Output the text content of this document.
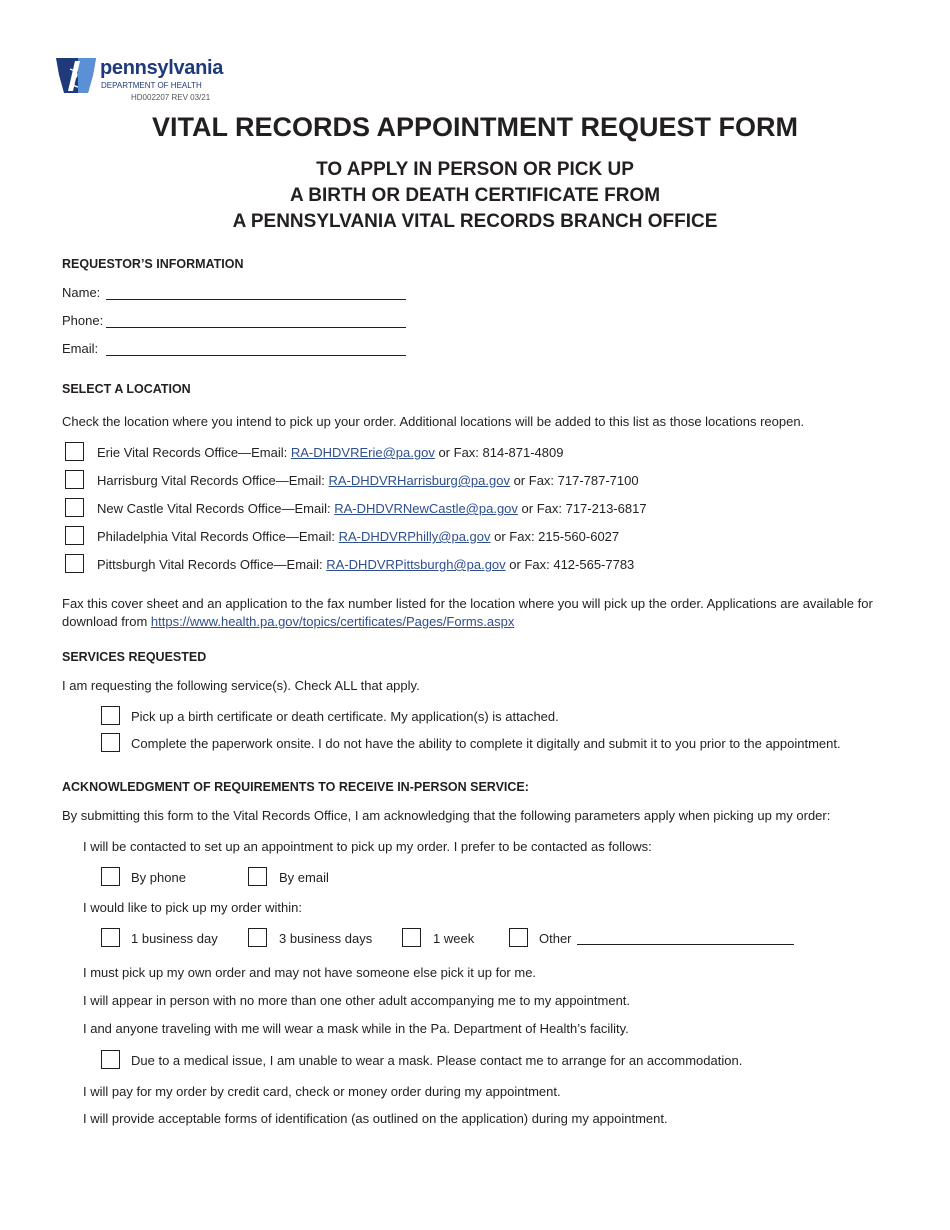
pennsylvania
DEPARTMENT OF HEALTH
HD002207 REV 03/21
VITAL RECORDS APPOINTMENT REQUEST FORM
TO APPLY IN PERSON OR PICK UP
A BIRTH OR DEATH CERTIFICATE FROM
A PENNSYLVANIA VITAL RECORDS BRANCH OFFICE
REQUESTOR’S INFORMATION
Name:
Phone:
Email:
SELECT A LOCATION
Check the location where you intend to pick up your order. Additional locations will be added to this list as those locations reopen.
Erie Vital Records Office—Email: RA-DHDVRErie@pa.gov or Fax: 814-871-4809
Harrisburg Vital Records Office—Email: RA-DHDVRHarrisburg@pa.gov or Fax: 717-787-7100
New Castle Vital Records Office—Email: RA-DHDVRNewCastle@pa.gov or Fax: 717-213-6817
Philadelphia Vital Records Office—Email: RA-DHDVRPhilly@pa.gov or Fax: 215-560-6027
Pittsburgh Vital Records Office—Email: RA-DHDVRPittsburgh@pa.gov or Fax: 412-565-7783
Fax this cover sheet and an application to the fax number listed for the location where you will pick up the order. Applications are available for download from https://www.health.pa.gov/topics/certificates/Pages/Forms.aspx
SERVICES REQUESTED
I am requesting the following service(s). Check ALL that apply.
Pick up a birth certificate or death certificate. My application(s) is attached.
Complete the paperwork onsite. I do not have the ability to complete it digitally and submit it to you prior to the appointment.
ACKNOWLEDGMENT OF REQUIREMENTS TO RECEIVE IN-PERSON SERVICE:
By submitting this form to the Vital Records Office, I am acknowledging that the following parameters apply when picking up my order:
I will be contacted to set up an appointment to pick up my order. I prefer to be contacted as follows:
By phone	By email
I would like to pick up my order within:
1 business day	3 business days	1 week	Other
I must pick up my own order and may not have someone else pick it up for me.
I will appear in person with no more than one other adult accompanying me to my appointment.
I and anyone traveling with me will wear a mask while in the Pa. Department of Health’s facility.
Due to a medical issue, I am unable to wear a mask. Please contact me to arrange for an accommodation.
I will pay for my order by credit card, check or money order during my appointment.
I will provide acceptable forms of identification (as outlined on the application) during my appointment.
